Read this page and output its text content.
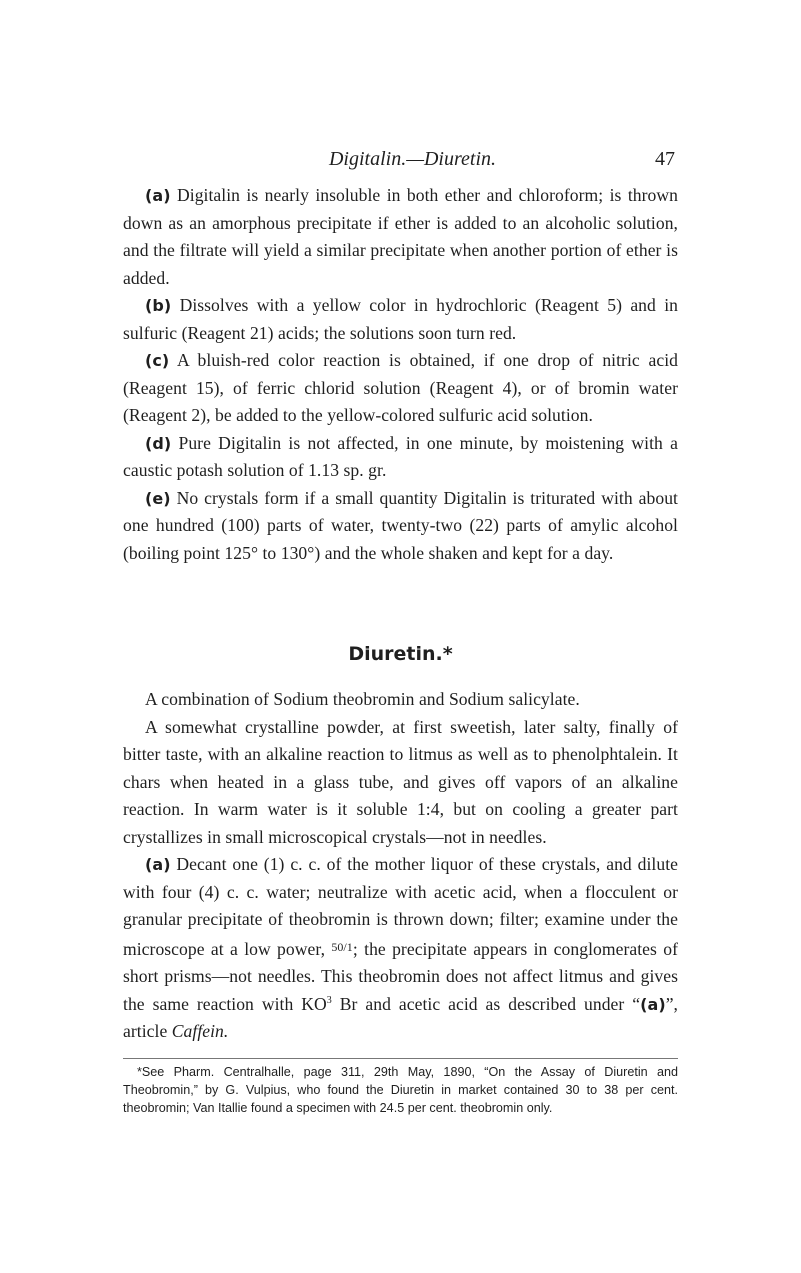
Digitalin.—Diuretin.	47

(a) Digitalin is nearly insoluble in both ether and chloroform; is thrown down as an amorphous precipitate if ether is added to an alcoholic solution, and the filtrate will yield a similar precipitate when another portion of ether is added.

(b) Dissolves with a yellow color in hydrochloric (Reagent 5) and in sulfuric (Reagent 21) acids; the solutions soon turn red.

(c) A bluish-red color reaction is obtained, if one drop of nitric acid (Reagent 15), of ferric chlorid solution (Reagent 4), or of bromin water (Reagent 2), be added to the yellow-colored sulfuric acid solution.

(d) Pure Digitalin is not affected, in one minute, by moistening with a caustic potash solution of 1.13 sp. gr.

(e) No crystals form if a small quantity Digitalin is triturated with about one hundred (100) parts of water, twenty-two (22) parts of amylic alcohol (boiling point 125° to 130°) and the whole shaken and kept for a day.

Diuretin.*

A combination of Sodium theobromin and Sodium salicylate.

A somewhat crystalline powder, at first sweetish, later salty, finally of bitter taste, with an alkaline reaction to litmus as well as to phenolphtalein. It chars when heated in a glass tube, and gives off vapors of an alkaline reaction. In warm water is it soluble 1:4, but on cooling a greater part crystallizes in small microscopical crystals—not in needles.

(a) Decant one (1) c. c. of the mother liquor of these crystals, and dilute with four (4) c. c. water; neutralize with acetic acid, when a flocculent or granular precipitate of theobromin is thrown down; filter; examine under the microscope at a low power, $^{50/1}$; the precipitate appears in conglomerates of short prisms—not needles. This theobromin does not affect litmus and gives the same reaction with $KO^3$ Br and acetic acid as described under “(a)”, article Caffein.

*See Pharm. Centralhalle, page 311, 29th May, 1890, “On the Assay of Diuretin and Theobromin,” by G. Vulpius, who found the Diuretin in market contained 30 to 38 per cent. theobromin; Van Itallie found a specimen with 24.5 per cent. theobromin only.
